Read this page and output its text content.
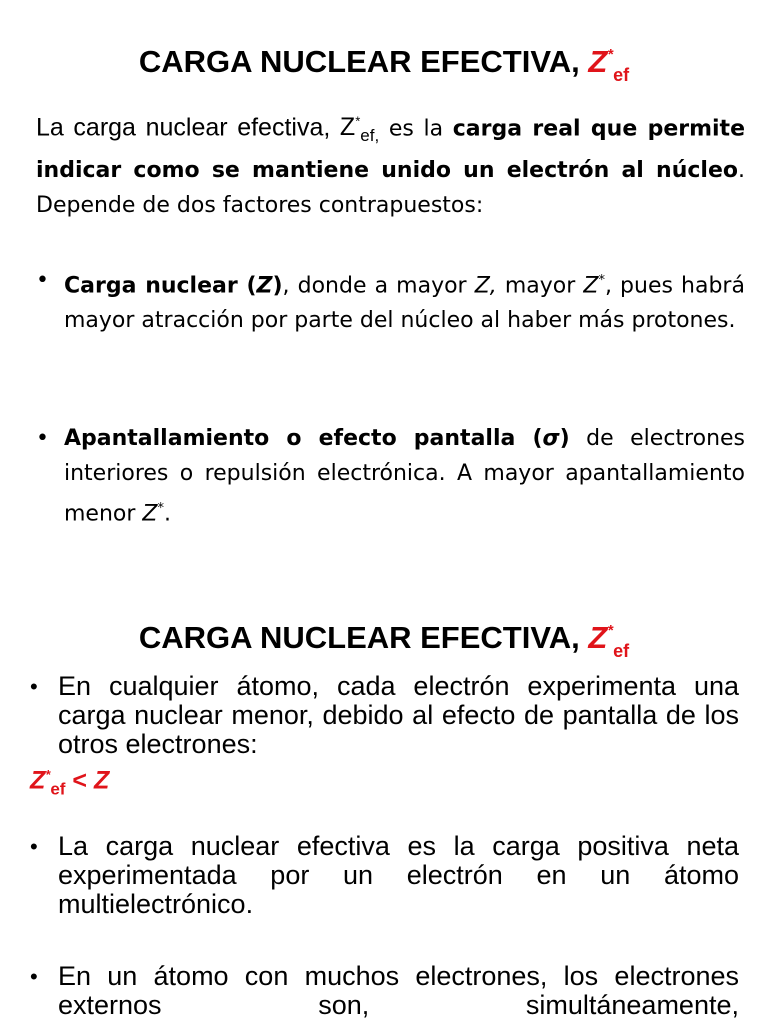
CARGA NUCLEAR EFECTIVA, $Z^*_{ef}$
La carga nuclear efectiva, $Z^*_{ef,}$ es la carga real que permite indicar como se mantiene unido un electrón al núcleo. Depende de dos factores contrapuestos:
• Carga nuclear (Z), donde a mayor Z, mayor Z*, pues habrá mayor atracción por parte del núcleo al haber más protones.
• Apantallamiento o efecto pantalla (σ) de electrones interiores o repulsión electrónica. A mayor apantallamiento menor Z*.
CARGA NUCLEAR EFECTIVA, $Z^*_{ef}$
• En cualquier átomo, cada electrón experimenta una carga nuclear menor, debido al efecto de pantalla de los otros electrones:
$Z^*_{ef} < Z$
• La carga nuclear efectiva es la carga positiva neta experimentada por un electrón en un átomo multielectrónico.
• En un átomo con muchos electrones, los electrones externos son, simultáneamente,
